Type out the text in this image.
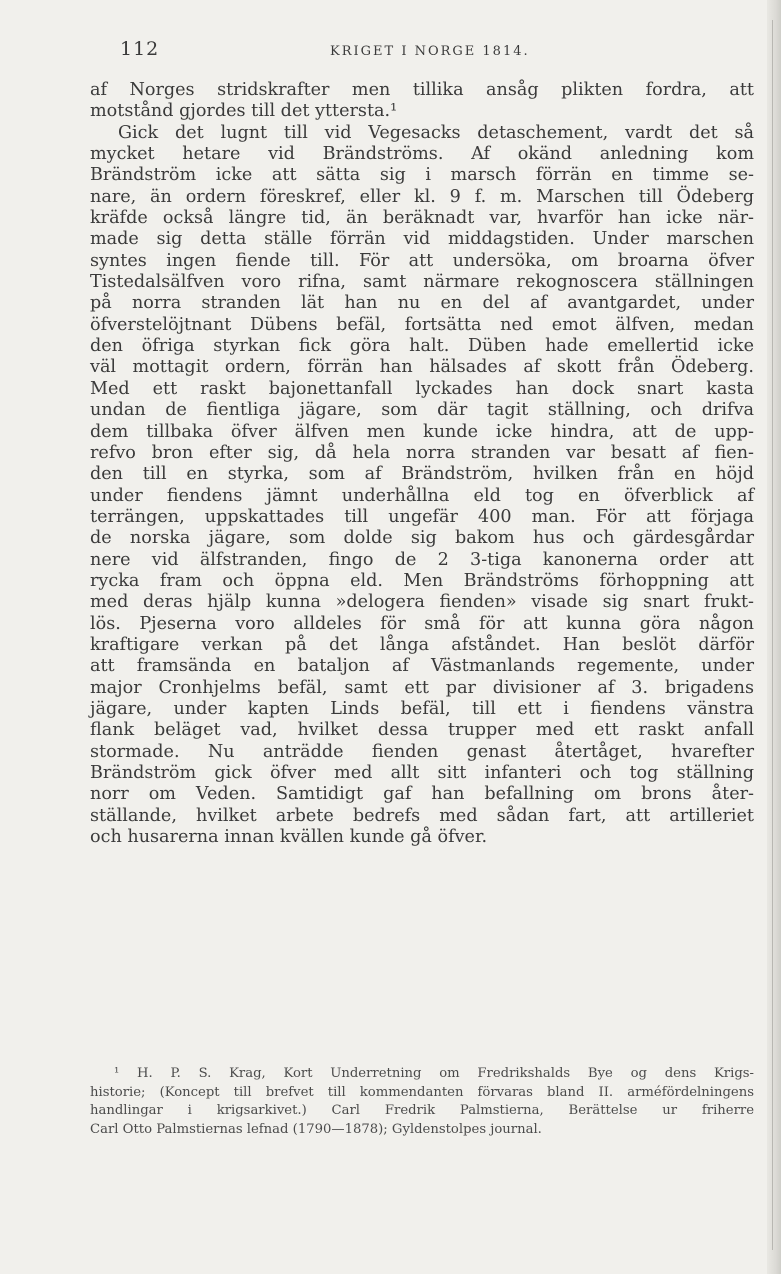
112	KRIGET I NORGE 1814.
af Norges stridskrafter men tillika ansåg plikten fordra, att
motstånd gjordes till det yttersta.¹
Gick det lugnt till vid Vegesacks detaschement, vardt det så
mycket hetare vid Brändströms. Af okänd anledning kom
Brändström icke att sätta sig i marsch förrän en timme se-
nare, än ordern föreskref, eller kl. 9 f. m. Marschen till Ödeberg
kräfde också längre tid, än beräknadt var, hvarför han icke när-
made sig detta ställe förrän vid middagstiden. Under marschen
syntes ingen fiende till. För att undersöka, om broarna öfver
Tistedalsälfven voro rifna, samt närmare rekognoscera ställningen
på norra stranden lät han nu en del af avantgardet, under
öfverstelöjtnant Dübens befäl, fortsätta ned emot älfven, medan
den öfriga styrkan fick göra halt. Düben hade emellertid icke
väl mottagit ordern, förrän han hälsades af skott från Ödeberg.
Med ett raskt bajonettanfall lyckades han dock snart kasta
undan de fientliga jägare, som där tagit ställning, och drifva
dem tillbaka öfver älfven men kunde icke hindra, att de upp-
refvo bron efter sig, då hela norra stranden var besatt af fien-
den till en styrka, som af Brändström, hvilken från en höjd
under fiendens jämnt underhållna eld tog en öfverblick af
terrängen, uppskattades till ungefär 400 man. För att förjaga
de norska jägare, som dolde sig bakom hus och gärdesgårdar
nere vid älfstranden, fingo de 2 3-tiga kanonerna order att
rycka fram och öppna eld. Men Brändströms förhoppning att
med deras hjälp kunna »delogera fienden» visade sig snart frukt-
lös. Pjeserna voro alldeles för små för att kunna göra någon
kraftigare verkan på det långa afståndet. Han beslöt därför
att framsända en bataljon af Västmanlands regemente, under
major Cronhjelms befäl, samt ett par divisioner af 3. brigadens
jägare, under kapten Linds befäl, till ett i fiendens vänstra
flank beläget vad, hvilket dessa trupper med ett raskt anfall
stormade. Nu anträdde fienden genast återtåget, hvarefter
Brändström gick öfver med allt sitt infanteri och tog ställning
norr om Veden. Samtidigt gaf han befallning om brons åter-
ställande, hvilket arbete bedrefs med sådan fart, att artilleriet
och husarerna innan kvällen kunde gå öfver.
¹ H. P. S. Krag, Kort Underretning om Fredrikshalds Bye og dens Krigs-
historie; (Koncept till brefvet till kommendanten förvaras bland II. arméfördelningens
handlingar i krigsarkivet.) Carl Fredrik Palmstierna, Berättelse ur friherre
Carl Otto Palmstiernas lefnad (1790—1878); Gyldenstolpes journal.
